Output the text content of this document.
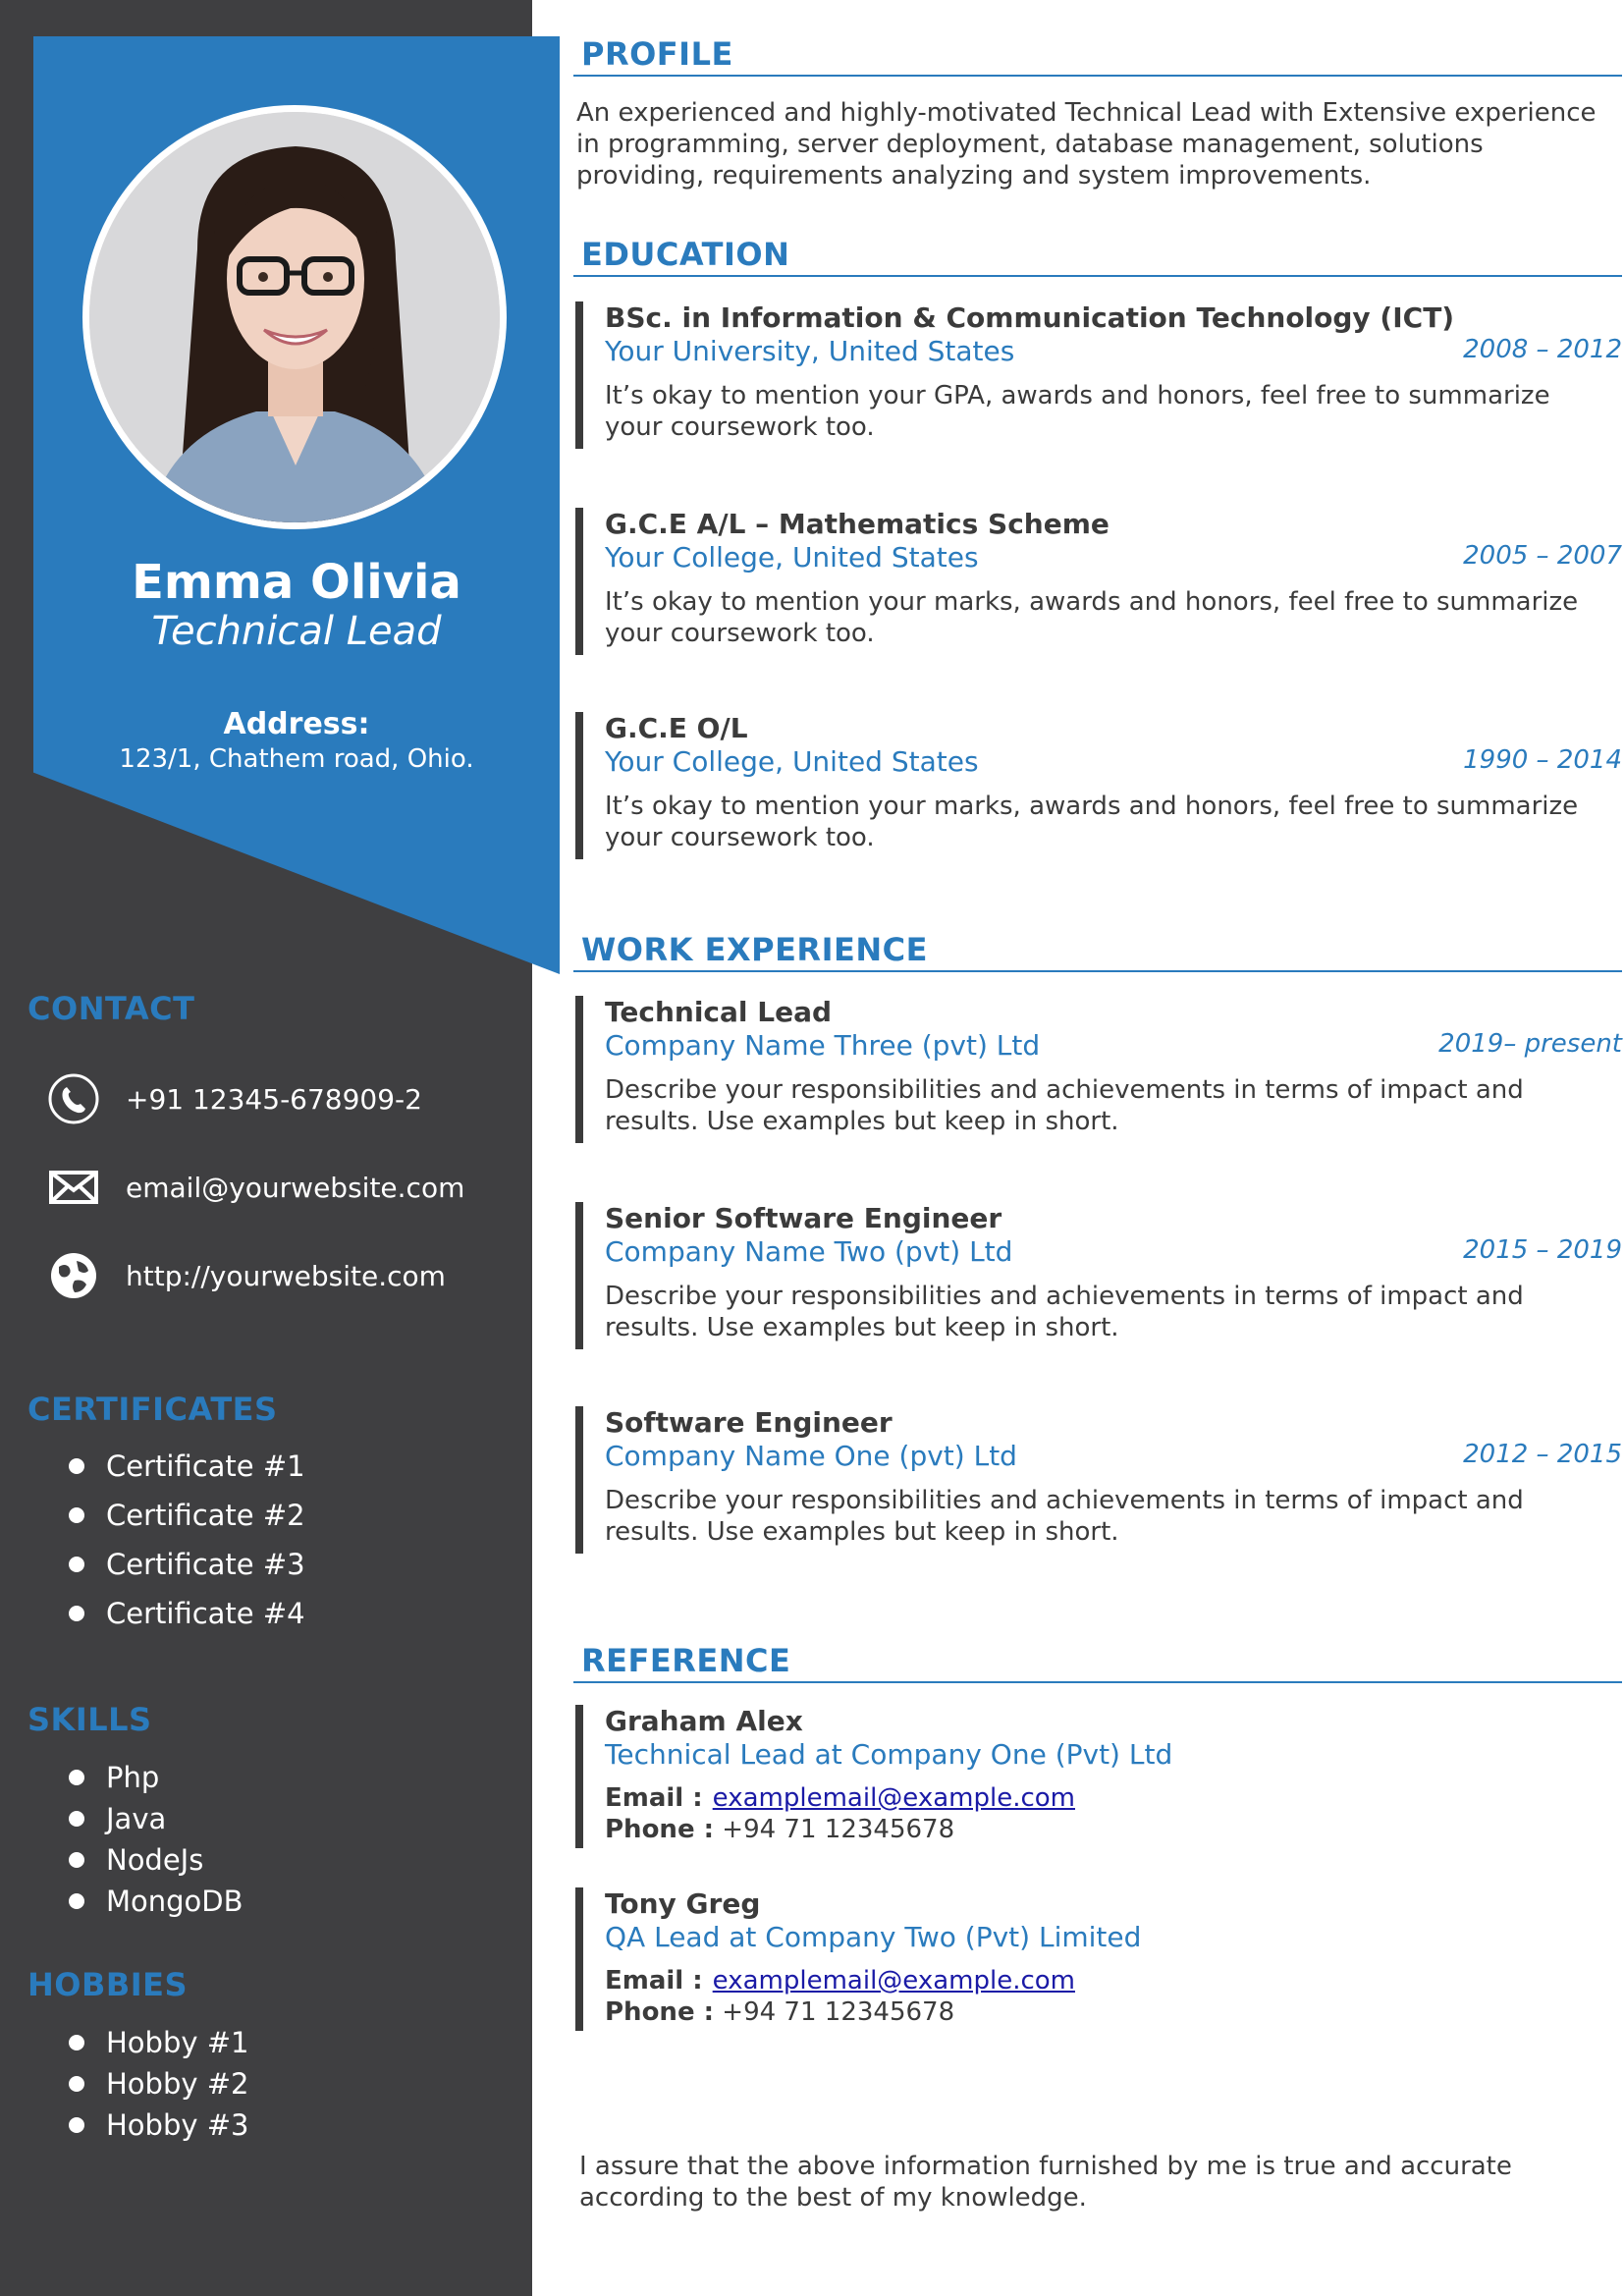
Emma Olivia
Technical Lead
Address:
123/1, Chathem road, Ohio.
CONTACT
+91 12345-678909-2
email@yourwebsite.com
http://yourwebsite.com
CERTIFICATES
Certificate #1
Certificate #2
Certificate #3
Certificate #4
SKILLS
Php
Java
NodeJs
MongoDB
HOBBIES
Hobby #1
Hobby #2
Hobby #3
PROFILE
An experienced and highly-motivated Technical Lead with Extensive experience in programming, server deployment, database management, solutions providing, requirements analyzing and system improvements.
EDUCATION
BSc. in Information & Communication Technology (ICT)
Your University, United States	2008 – 2012
It’s okay to mention your GPA, awards and honors, feel free to summarize your coursework too.
G.C.E A/L – Mathematics Scheme
Your College, United States	2005 – 2007
It’s okay to mention your marks, awards and honors, feel free to summarize your coursework too.
G.C.E O/L
Your College, United States	1990 – 2014
It’s okay to mention your marks, awards and honors, feel free to summarize your coursework too.
WORK EXPERIENCE
Technical Lead
Company Name Three (pvt) Ltd	2019– present
Describe your responsibilities and achievements in terms of impact and results. Use examples but keep in short.
Senior Software Engineer
Company Name Two (pvt) Ltd	2015 – 2019
Describe your responsibilities and achievements in terms of impact and results. Use examples but keep in short.
Software Engineer
Company Name One (pvt) Ltd	2012 – 2015
Describe your responsibilities and achievements in terms of impact and results. Use examples but keep in short.
REFERENCE
Graham Alex
Technical Lead at Company One (Pvt) Ltd
Email : examplemail@example.com
Phone : +94 71 12345678
Tony Greg
QA Lead at Company Two (Pvt) Limited
Email : examplemail@example.com
Phone : +94 71 12345678
I assure that the above information furnished by me is true and accurate according to the best of my knowledge.
